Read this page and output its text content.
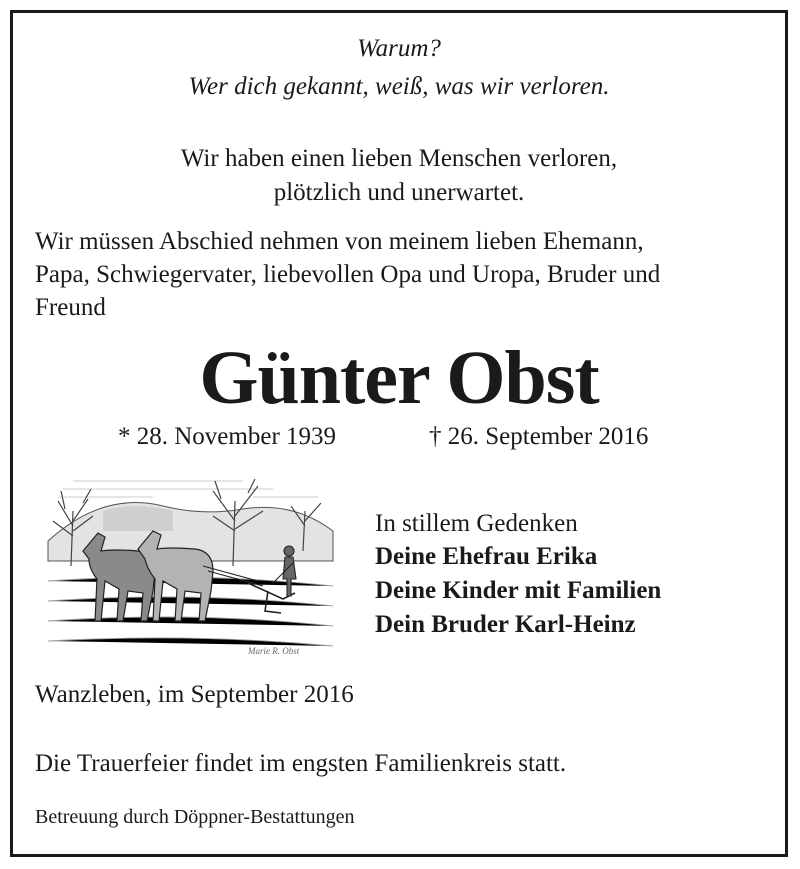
Warum?

Wer dich gekannt, weiß, was wir verloren.

Wir haben einen lieben Menschen verloren,

plötzlich und unerwartet.

Wir müssen Abschied nehmen von meinem lieben Ehemann,

Papa, Schwiegervater, liebevollen Opa und Uropa, Bruder und

Freund

Günter Obst
* 28. November 1939	† 26. September 2016
Marie R. Obst

In stillem Gedenken

Deine Ehefrau Erika

Deine Kinder mit Familien

Dein Bruder Karl-Heinz

Wanzleben, im September 2016

Die Trauerfeier findet im engsten Familienkreis statt.

Betreuung durch Döppner-Bestattungen
